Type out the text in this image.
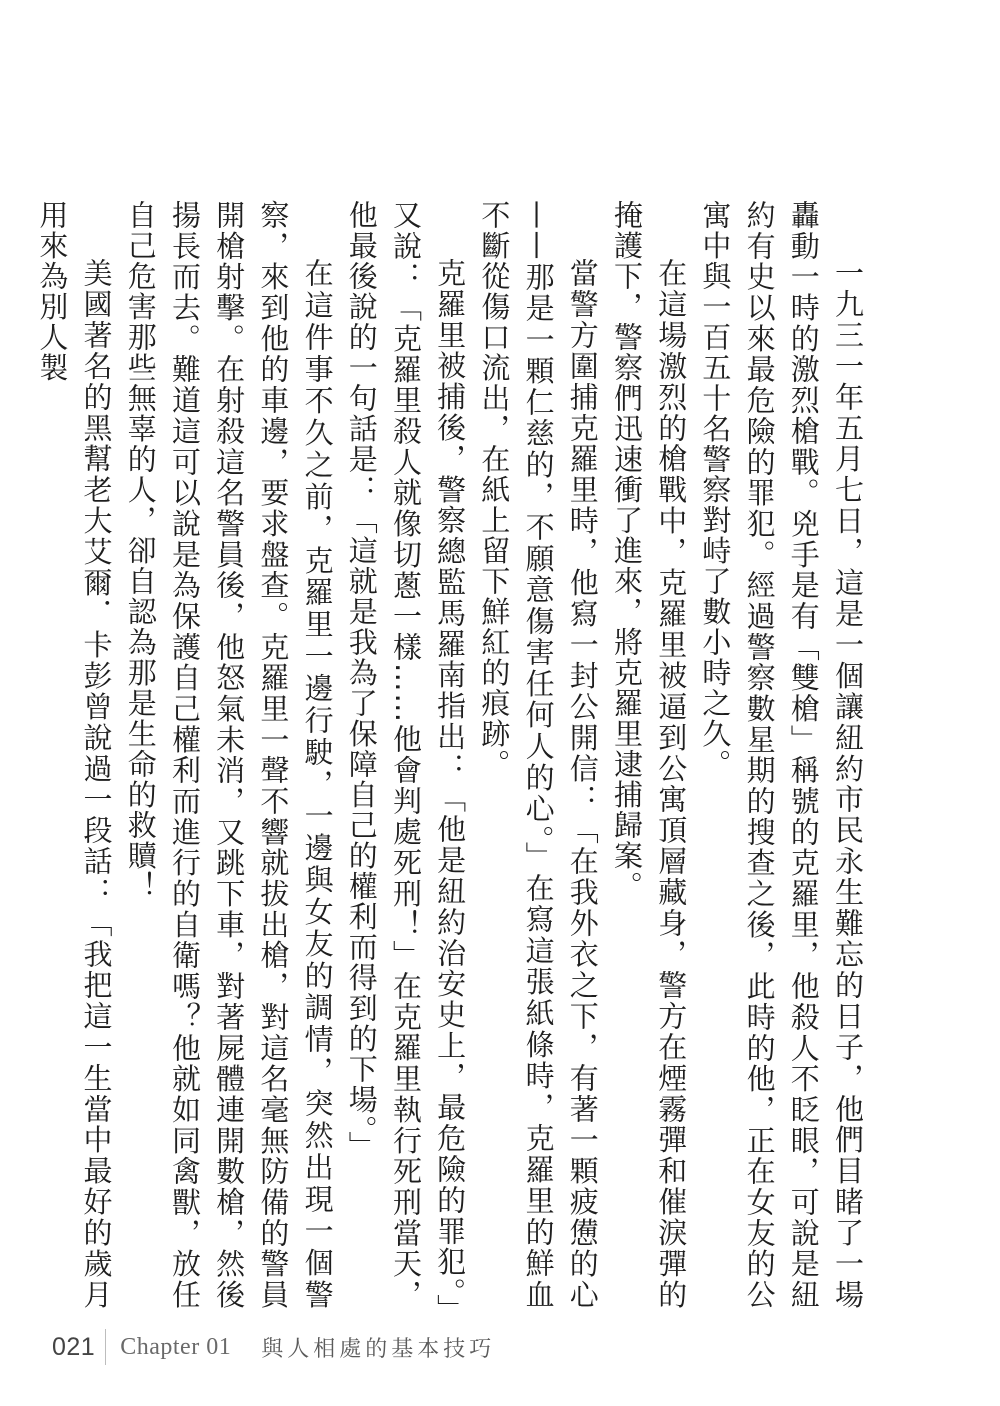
一九三一年五月七日，這是一個讓紐約市民永生難忘的日子，他們目睹了一場轟動一時的激烈槍戰。兇手是有「雙槍」稱號的克羅里，他殺人不眨眼，可說是紐約有史以來最危險的罪犯。經過警察數星期的搜查之後，此時的他，正在女友的公寓中與一百五十名警察對峙了數小時之久。

在這場激烈的槍戰中，克羅里被逼到公寓頂層藏身，警方在煙霧彈和催淚彈的掩護下，警察們迅速衝了進來，將克羅里逮捕歸案。

當警方圍捕克羅里時，他寫一封公開信：「在我外衣之下，有著一顆疲憊的心——那是一顆仁慈的，不願意傷害任何人的心。」在寫這張紙條時，克羅里的鮮血不斷從傷口流出，在紙上留下鮮紅的痕跡。

克羅里被捕後，警察總監馬羅南指出：「他是紐約治安史上，最危險的罪犯。」又說：「克羅里殺人就像切蔥一樣……他會判處死刑！」在克羅里執行死刑當天，他最後說的一句話是：「這就是我為了保障自己的權利而得到的下場。」

在這件事不久之前，克羅里一邊行駛，一邊與女友的調情，突然出現一個警察，來到他的車邊，要求盤查。克羅里一聲不響就拔出槍，對這名毫無防備的警員開槍射擊。在射殺這名警員後，他怒氣未消，又跳下車，對著屍體連開數槍，然後揚長而去。難道這可以說是為保護自己權利而進行的自衛嗎？他就如同禽獸，放任自己危害那些無辜的人，卻自認為那是生命的救贖！

美國著名的黑幫老大艾爾．卡彭曾說過一段話：「我把這一生當中最好的歲月用來為別人製

021 Chapter 01 與人相處的基本技巧
